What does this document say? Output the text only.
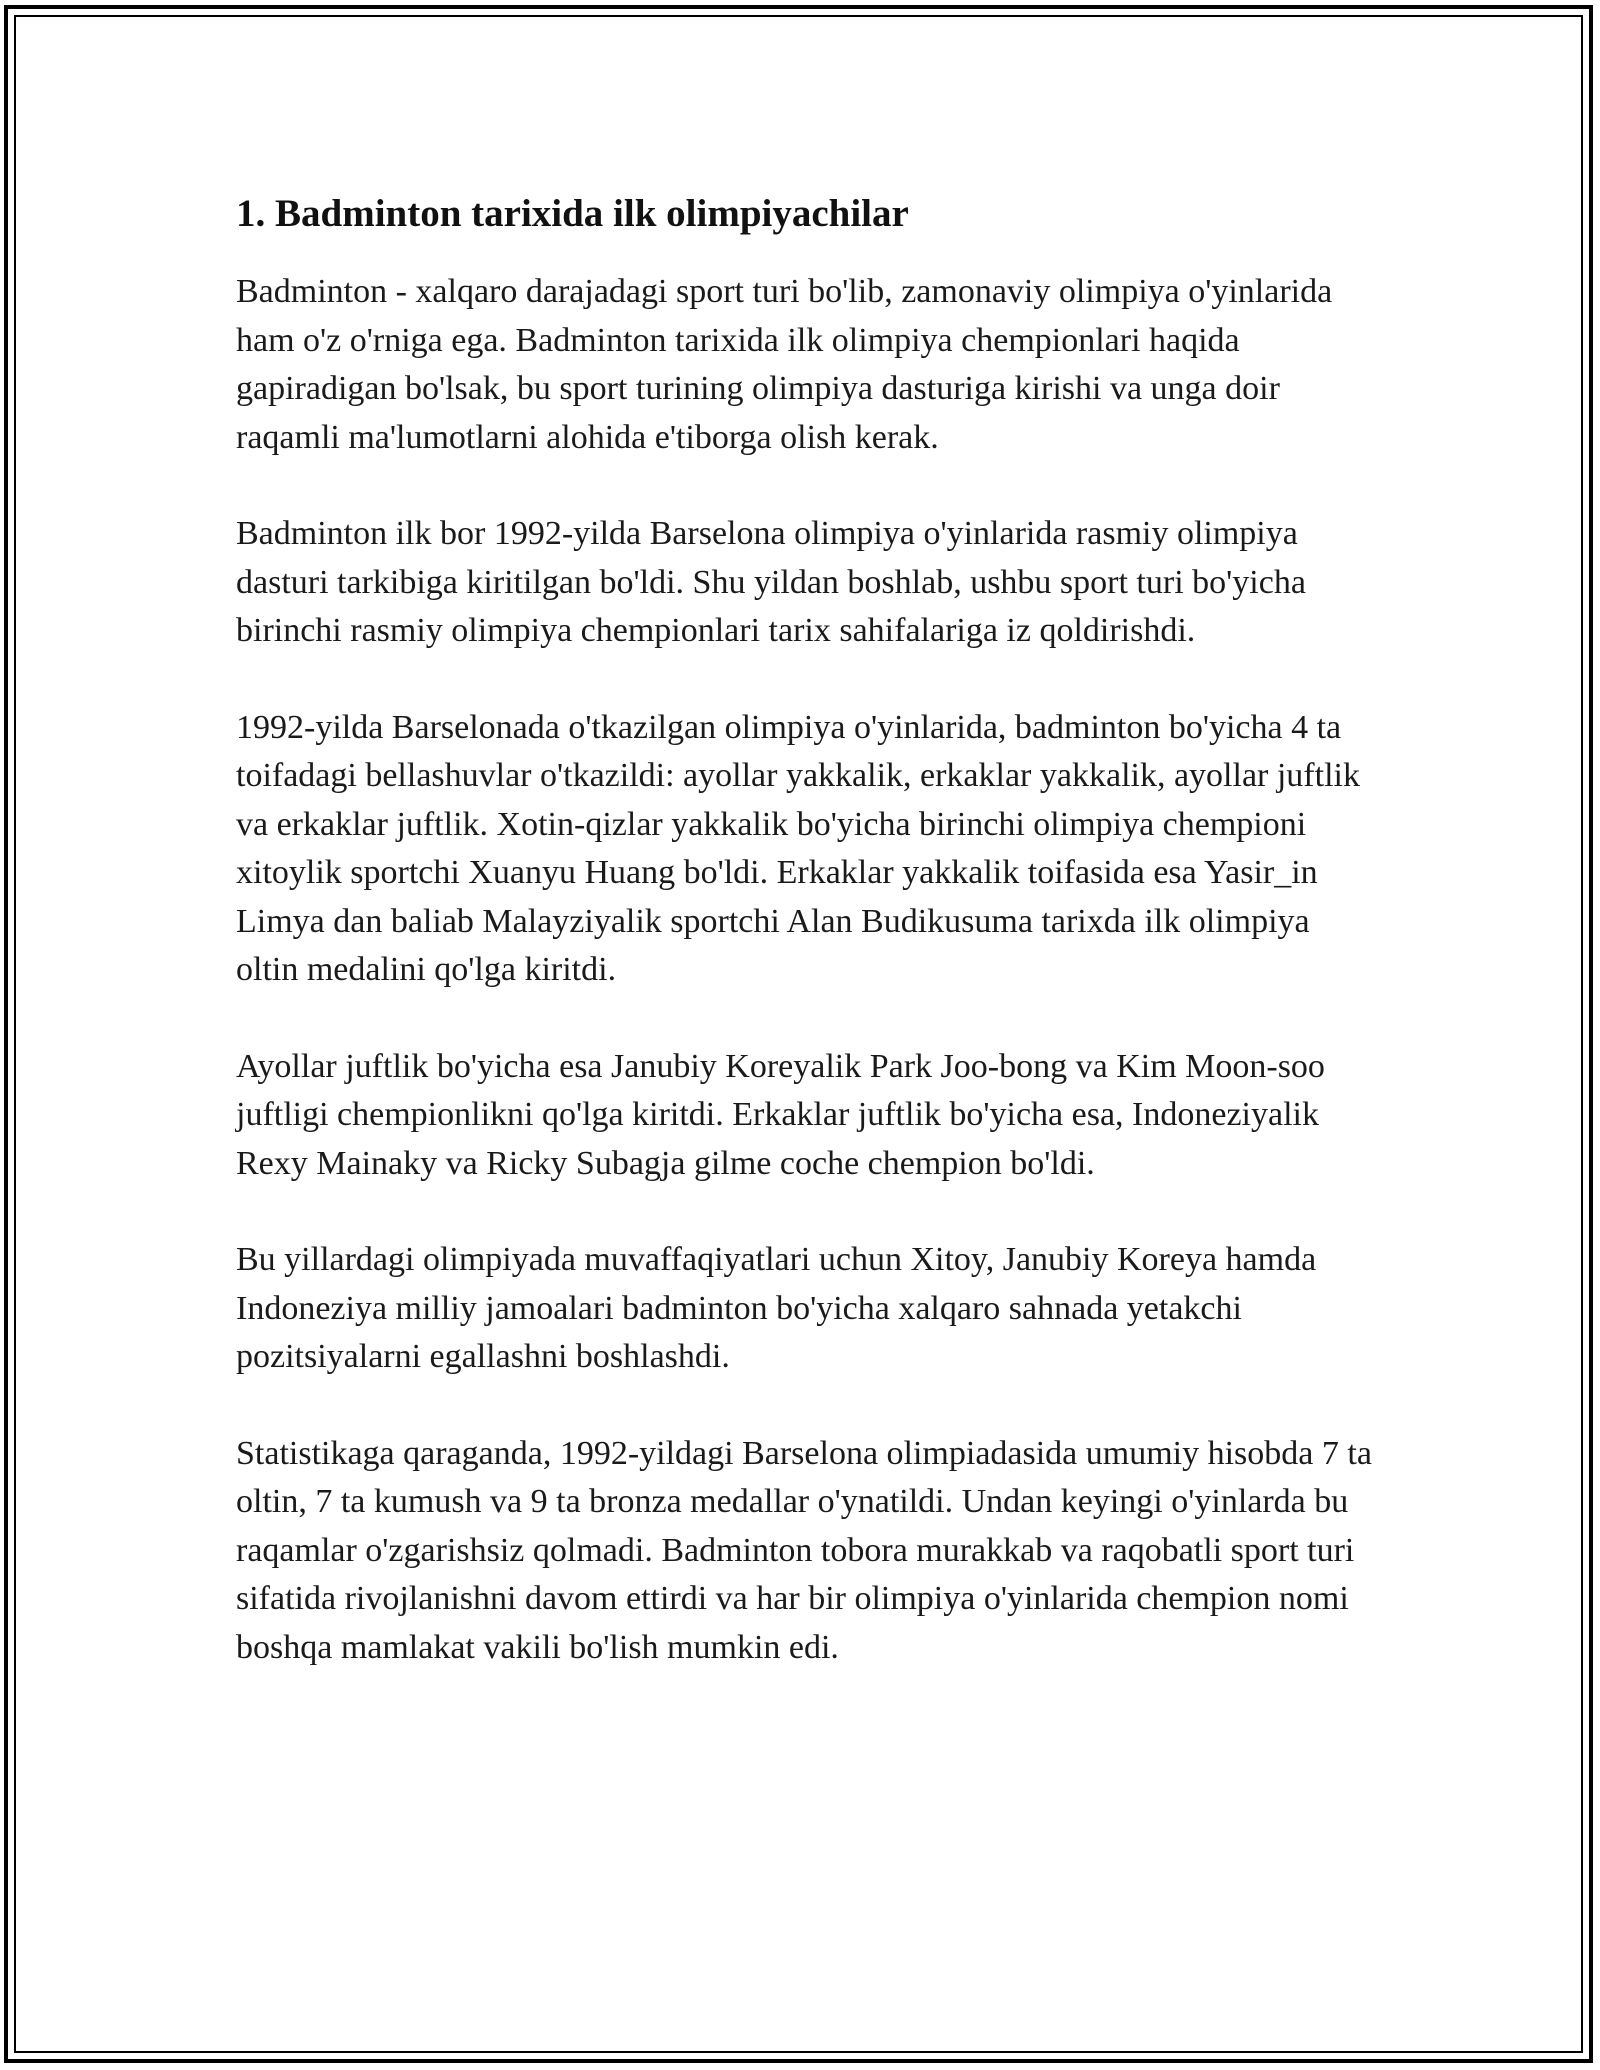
1. Badminton tarixida ilk olimpiyachilar

Badminton - xalqaro darajadagi sport turi bo'lib, zamonaviy olimpiya o'yinlarida ham o'z o'rniga ega. Badminton tarixida ilk olimpiya chempionlari haqida gapiradigan bo'lsak, bu sport turining olimpiya dasturiga kirishi va unga doir raqamli ma'lumotlarni alohida e'tiborga olish kerak.

Badminton ilk bor 1992-yilda Barselona olimpiya o'yinlarida rasmiy olimpiya dasturi tarkibiga kiritilgan bo'ldi. Shu yildan boshlab, ushbu sport turi bo'yicha birinchi rasmiy olimpiya chempionlari tarix sahifalariga iz qoldirishdi.

1992-yilda Barselonada o'tkazilgan olimpiya o'yinlarida, badminton bo'yicha 4 ta toifadagi bellashuvlar o'tkazildi: ayollar yakkalik, erkaklar yakkalik, ayollar juftlik va erkaklar juftlik. Xotin-qizlar yakkalik bo'yicha birinchi olimpiya chempioni xitoylik sportchi Xuanyu Huang bo'ldi. Erkaklar yakkalik toifasida esa Yasir_in Limya dan baliab Malayziyalik sportchi Alan Budikusuma tarixda ilk olimpiya oltin medalini qo'lga kiritdi.

Ayollar juftlik bo'yicha esa Janubiy Koreyalik Park Joo-bong va Kim Moon-soo juftligi chempionlikni qo'lga kiritdi. Erkaklar juftlik bo'yicha esa, Indoneziyalik Rexy Mainaky va Ricky Subagja gilme coche chempion bo'ldi.

Bu yillardagi olimpiyada muvaffaqiyatlari uchun Xitoy, Janubiy Koreya hamda Indoneziya milliy jamoalari badminton bo'yicha xalqaro sahnada yetakchi pozitsiyalarni egallashni boshlashdi.

Statistikaga qaraganda, 1992-yildagi Barselona olimpiadasida umumiy hisobda 7 ta oltin, 7 ta kumush va 9 ta bronza medallar o'ynatildi. Undan keyingi o'yinlarda bu raqamlar o'zgarishsiz qolmadi. Badminton tobora murakkab va raqobatli sport turi sifatida rivojlanishni davom ettirdi va har bir olimpiya o'yinlarida chempion nomi boshqa mamlakat vakili bo'lish mumkin edi.
